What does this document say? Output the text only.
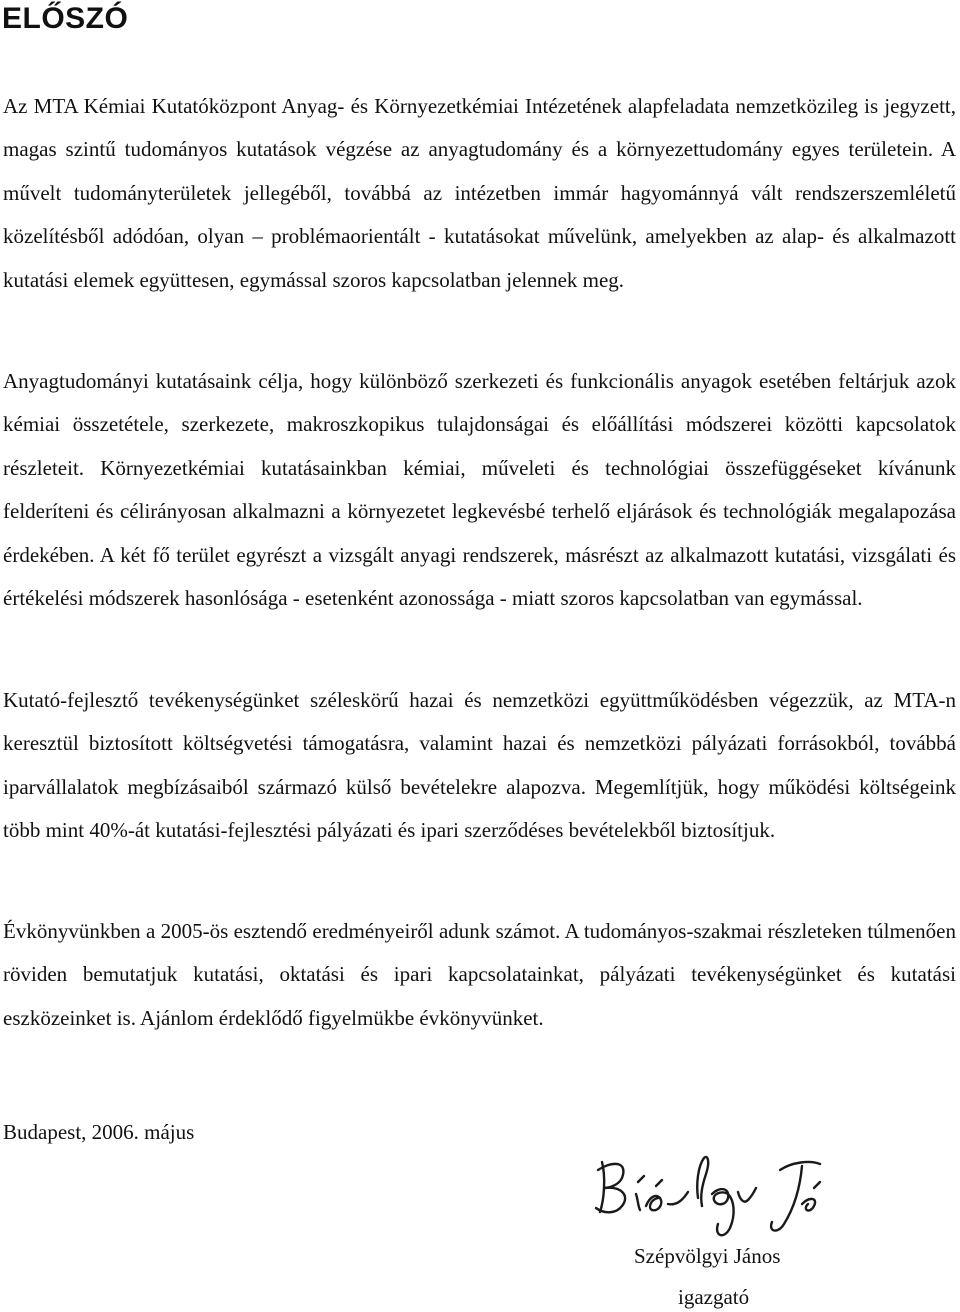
ELŐSZÓ

Az MTA Kémiai Kutatóközpont Anyag- és Környezetkémiai Intézetének alapfeladata nemzetközileg is jegyzett, magas szintű tudományos kutatások végzése az anyagtudomány és a környezettudomány egyes területein. A művelt tudományterületek jellegéből, továbbá az intézetben immár hagyománnyá vált rendszerszemléletű közelítésből adódóan, olyan – problémaorientált - kutatásokat művelünk, amelyekben az alap- és alkalmazott kutatási elemek együttesen, egymással szoros kapcsolatban jelennek meg.

Anyagtudományi kutatásaink célja, hogy különböző szerkezeti és funkcionális anyagok esetében feltárjuk azok kémiai összetétele, szerkezete, makroszkopikus tulajdonságai és előállítási módszerei közötti kapcsolatok részleteit. Környezetkémiai kutatásainkban kémiai, műveleti és technológiai összefüggéseket kívánunk felderíteni és célirányosan alkalmazni a környezetet legkevésbé terhelő eljárások és technológiák megalapozása érdekében. A két fő terület egyrészt a vizsgált anyagi rendszerek, másrészt az alkalmazott kutatási, vizsgálati és értékelési módszerek hasonlósága - esetenként azonossága - miatt szoros kapcsolatban van egymással.

Kutató-fejlesztő tevékenységünket széleskörű hazai és nemzetközi együttműködésben végezzük, az MTA-n keresztül biztosított költségvetési támogatásra, valamint hazai és nemzetközi pályázati forrásokból, továbbá iparvállalatok megbízásaiból származó külső bevételekre alapozva. Megemlítjük, hogy működési költségeink több mint 40%-át kutatási-fejlesztési pályázati és ipari szerződéses bevételekből biztosítjuk.

Évkönyvünkben a 2005-ös esztendő eredményeiről adunk számot. A tudományos-szakmai részleteken túlmenően röviden bemutatjuk kutatási, oktatási és ipari kapcsolatainkat, pályázati tevékenységünket és kutatási eszközeinket is. Ajánlom érdeklődő figyelmükbe évkönyvünket.

Budapest, 2006. május

Szépvölgyi János

igazgató
